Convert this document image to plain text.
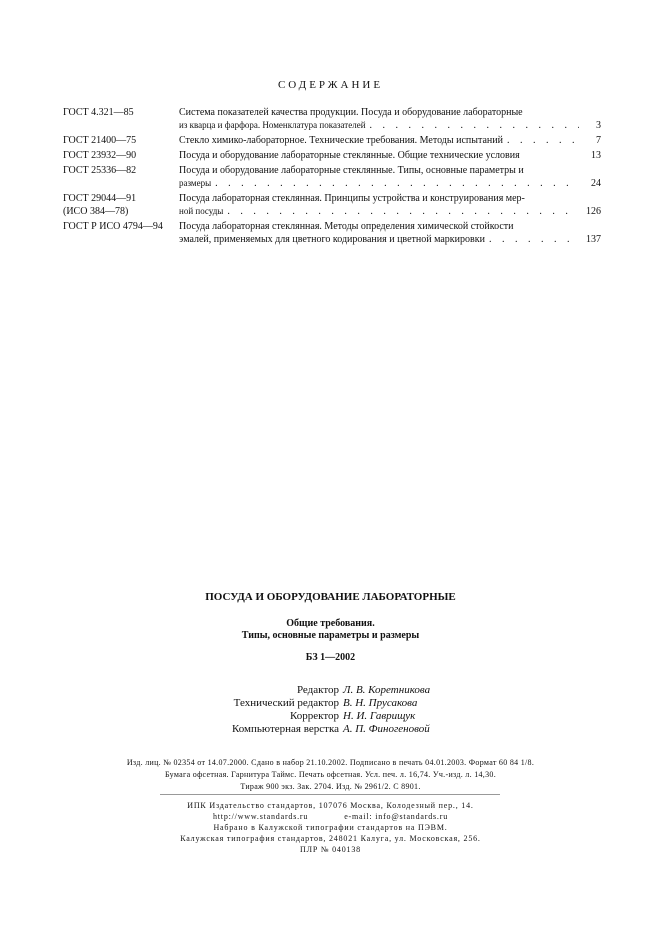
СОДЕРЖАНИЕ
ГОСТ 4.321—85	Система показателей качества продукции. Посуда и оборудование лабораторные
из кварца и фарфора. Номенклатура показателей . . .	3
ГОСТ 21400—75	Стекло химико-лабораторное. Технические требования. Методы испытаний . . .	7
ГОСТ 23932—90	Посуда и оборудование лабораторные стеклянные. Общие технические условия	13
ГОСТ 25336—82	Посуда и оборудование лабораторные стеклянные. Типы, основные параметры и
размеры . . .	24
ГОСТ 29044—91
(ИСО 384—78)
Посуда лабораторная стеклянная. Принципы устройства и конструирования мер-
ной посуды . . .	126
ГОСТ Р ИСО 4794—94	Посуда лабораторная стеклянная. Методы определения химической стойкости
эмалей, применяемых для цветного кодирования и цветной маркировки . . .	137
ПОСУДА И ОБОРУДОВАНИЕ ЛАБОРАТОРНЫЕ
Общие требования.
Типы, основные параметры и размеры
БЗ 1—2002
Редактор Л. В. Коретникова
Технический редактор В. Н. Прусакова
Корректор Н. И. Гаврищук
Компьютерная верстка А. П. Финогеновой
Изд. лиц. № 02354 от 14.07.2000. Сдано в набор 21.10.2002. Подписано в печать 04.01.2003. Формат 60 84 1/8.
Бумага офсетная. Гарнитура Таймс. Печать офсетная. Усл. печ. л. 16,74. Уч.-изд. л. 14,30.
Тираж 900 экз. Зак. 2704. Изд. № 2961/2. С 8901.
ИПК Издательство стандартов, 107076 Москва, Колодезный пер., 14.
http://www.standards.ru	e-mail: info@standards.ru
Набрано в Калужской типографии стандартов на ПЭВМ.
Калужская типография стандартов, 248021 Калуга, ул. Московская, 256.
ПЛР № 040138
